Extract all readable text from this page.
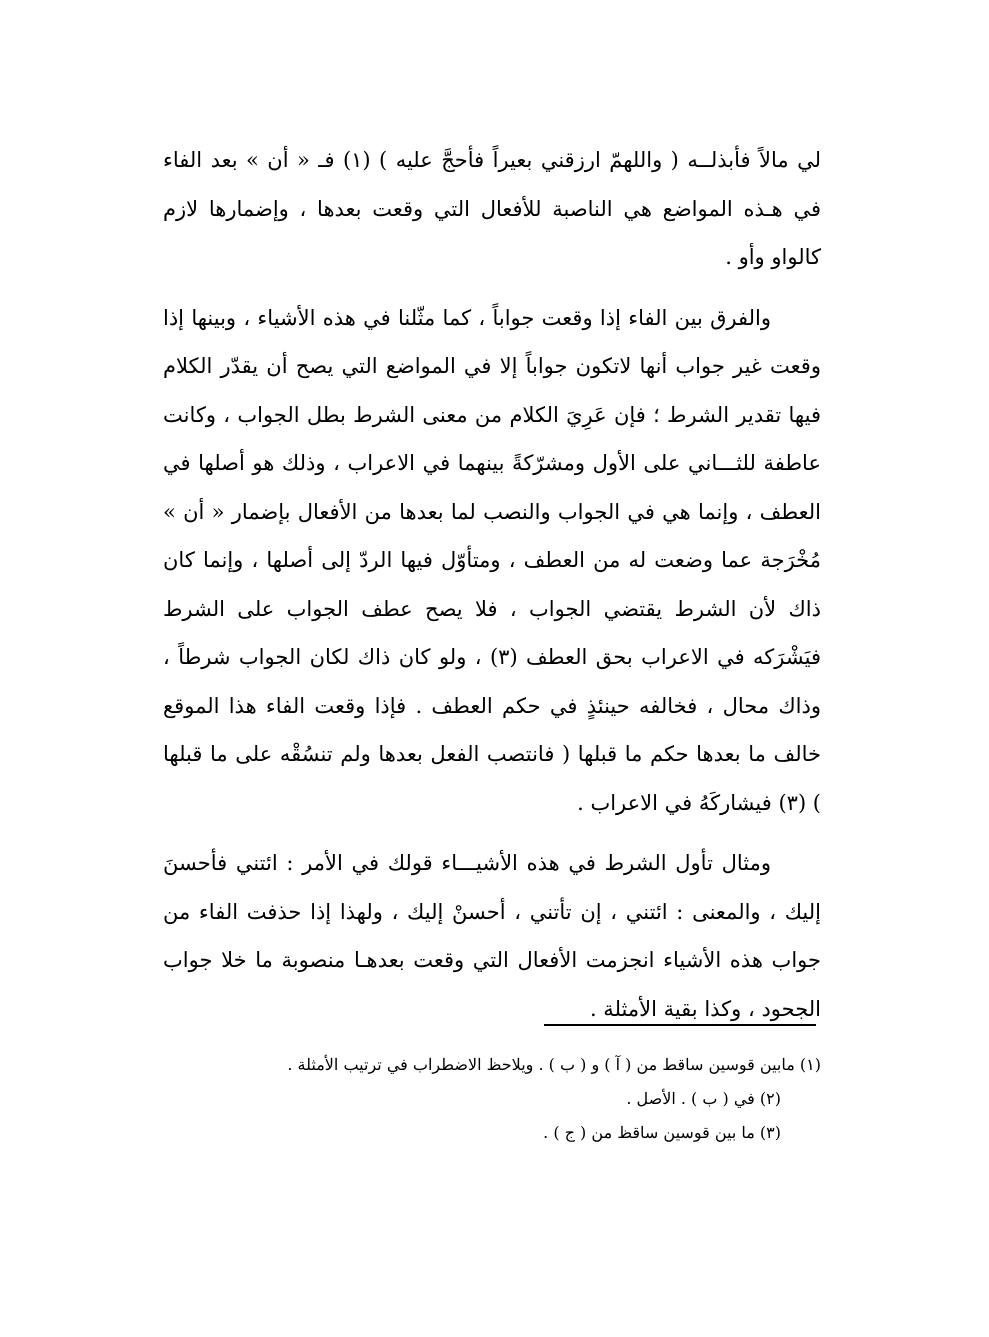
لي مالاً فأبذلــه ( واللهمّ ارزقني بعيراً فأحجَّ عليه ) (١) فـ « أن » بعد الفاء في هـذه المواضع هي الناصبة للأفعال التي وقعت بعدها ، وإضمارها لازم كالواو وأو .

والفرق بين الفاء إذا وقعت جواباً ، كما مثّلنا في هذه الأشياء ، وبينها إذا وقعت غير جواب أنها لاتكون جواباً إلا في المواضع التي يصح أن يقدّر الكلام فيها تقدير الشرط ؛ فإن عَرِيَ الكلام من معنى الشرط بطل الجواب ، وكانت عاطفة للثـــاني على الأول ومشرّكةً بينهما في الاعراب ، وذلك هو أصلها في العطف ، وإنما هي في الجواب والنصب لما بعدها من الأفعال بإضمار « أن » مُخْرَجة عما وضعت له من العطف ، ومتأوّل فيها الردّ إلى أصلها ، وإنما كان ذاك لأن الشرط يقتضي الجواب ، فلا يصح عطف الجواب على الشرط فيَشْرَكه في الاعراب بحق العطف (٣) ، ولو كان ذاك لكان الجواب شرطاً ، وذاك محال ، فخالفه حينئذٍ في حكم العطف . فإذا وقعت الفاء هذا الموقع خالف ما بعدها حكم ما قبلها ( فانتصب الفعل بعدها ولم تنسُقْه على ما قبلها ) (٣) فيشاركَهُ في الاعراب .

ومثال تأول الشرط في هذه الأشيـــاء قولك في الأمر : ائتني فأحسنَ إليك ، والمعنى : ائتني ، إن تأتني ، أحسنْ إليك ، ولهذا إذا حذفت الفاء من جواب هذه الأشياء انجزمت الأفعال التي وقعت بعدهـا منصوبة ما خلا جواب الجحود ، وكذا بقية الأمثلة .

(١) مابين قوسين ساقط من ( آ ) و ( ب ) . ويلاحظ الاضطراب في ترتيب الأمثلة .

(٢) في ( ب ) . الأصل .

(٣) ما بين قوسين ساقظ من ( ج ) .
